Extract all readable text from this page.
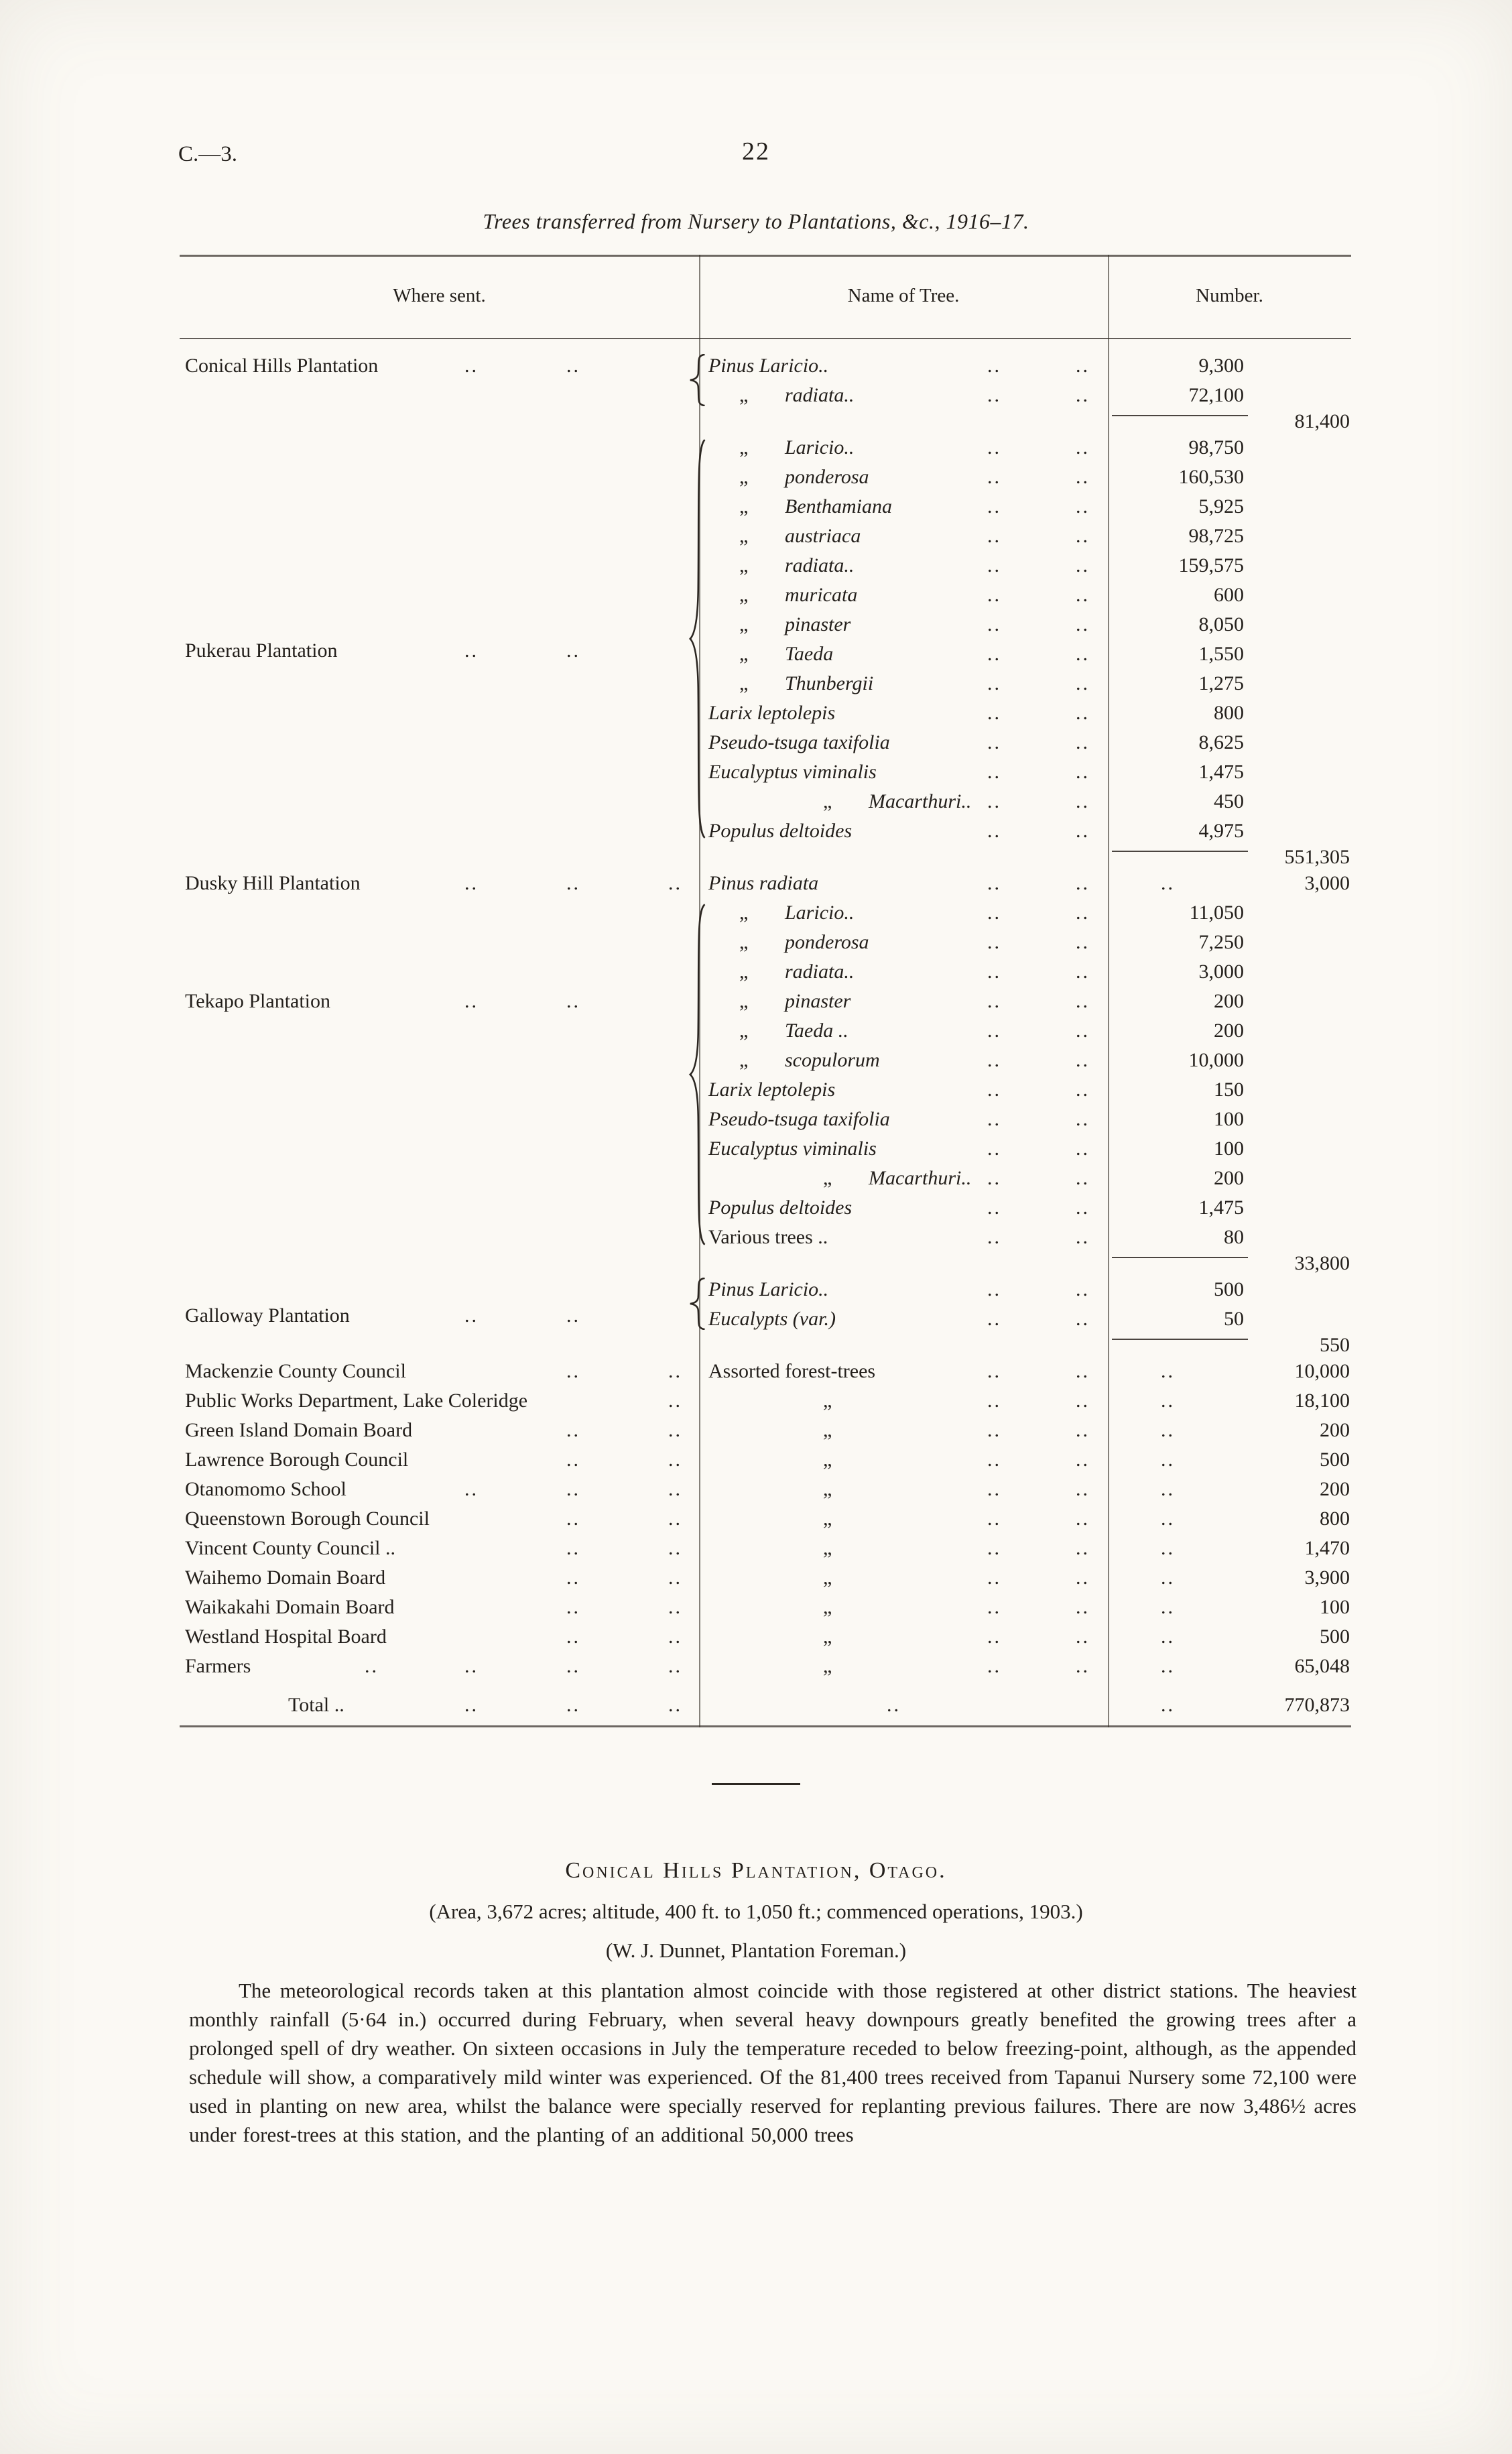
C.—3.	22
Trees transferred from Nursery to Plantations, &c., 1916–17.
Where sent.	Name of Tree.	Number.
Conical Hills Plantation	..	..	Pinus Laricio..	..	..	9,300
„ radiata..	..	..	72,100
81,400
Pukerau Plantation	..	..
„ Laricio..	..	..	98,750
„ ponderosa	..	..	160,530
„ Benthamiana	..	..	5,925
„ austriaca	..	..	98,725
„ radiata..	..	..	159,575
„ muricata	..	..	600
„ pinaster	..	..	8,050
„ Taeda	..	..	1,550
„ Thunbergii	..	..	1,275
Larix leptolepis	..	..	800
Pseudo-tsuga taxifolia	..	..	8,625
Eucalyptus viminalis	..	..	1,475
„ Macarthuri.. ..	..	450
Populus deltoides	..	..	4,975
551,305
Dusky Hill Plantation	..	..	..	Pinus radiata	..	..	..	3,000
Tekapo Plantation	..	..
„ Laricio..	..	..	11,050
„ ponderosa	..	..	7,250
„ radiata..	..	..	3,000
„ pinaster	..	..	200
„ Taeda ..	..	..	200
„ scopulorum	..	..	10,000
Larix leptolepis	..	..	150
Pseudo-tsuga taxifolia	..	..	100
Eucalyptus viminalis	..	..	100
„ Macarthuri.. ..	..	200
Populus deltoides	..	..	1,475
Various trees ..	..	..	80
33,800
Galloway Plantation	..	..
Pinus Laricio..	..	..	500
Eucalypts (var.)	..	..	50
550
Mackenzie County Council	..	..	Assorted forest-trees	..	..	..	10,000
Public Works Department, Lake Coleridge	..	„	..	..	..	18,100
Green Island Domain Board	..	..	„	..	..	..	200
Lawrence Borough Council	..	..	„	..	..	..	500
Otanomomo School	..	..	..	„	..	..	..	200
Queenstown Borough Council	..	..	„	..	..	..	800
Vincent County Council ..	..	..	„	..	..	..	1,470
Waihemo Domain Board	..	..	„	..	..	..	3,900
Waikakahi Domain Board	..	..	„	..	..	..	100
Westland Hospital Board	..	..	„	..	..	..	500
Farmers	..	..	..	..	„	..	..	..	65,048
Total ..	..	..	..	..	..	770,873
Conical Hills Plantation, Otago.
(Area, 3,672 acres; altitude, 400 ft. to 1,050 ft.; commenced operations, 1903.)
(W. J. Dunnet, Plantation Foreman.)
The meteorological records taken at this plantation almost coincide with those registered at other district stations. The heaviest monthly rainfall (5·64 in.) occurred during February, when several heavy downpours greatly benefited the growing trees after a prolonged spell of dry weather. On sixteen occasions in July the temperature receded to below freezing-point, although, as the appended schedule will show, a comparatively mild winter was experienced. Of the 81,400 trees received from Tapanui Nursery some 72,100 were used in planting on new area, whilst the balance were specially reserved for replanting previous failures. There are now 3,486½ acres under forest-trees at this station, and the planting of an additional 50,000 trees
